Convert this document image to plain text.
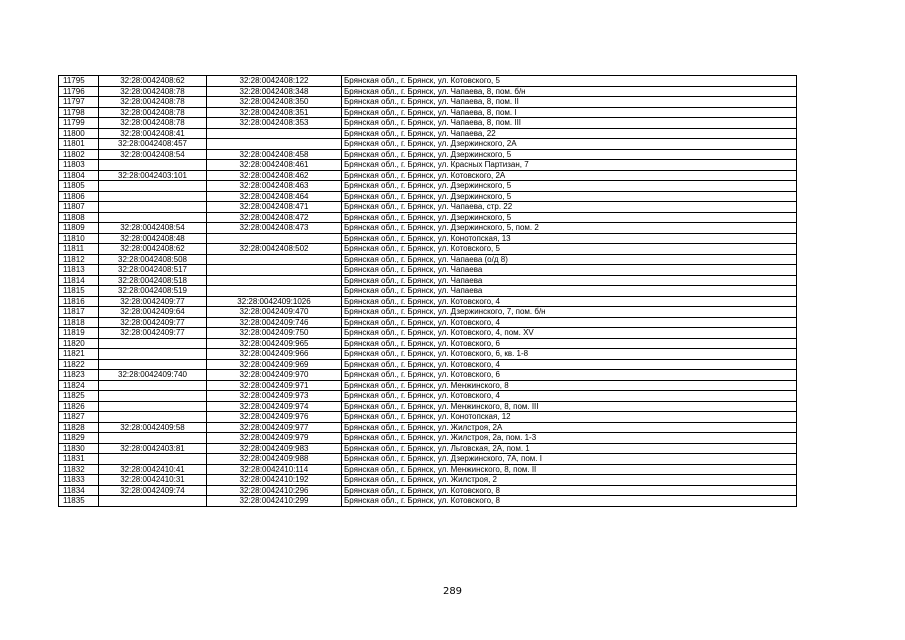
11795	32:28:0042408:62	32:28:0042408:122	Брянская обл., г. Брянск, ул. Котовского, 5
11796	32:28:0042408:78	32:28:0042408:348	Брянская обл., г. Брянск, ул. Чапаева, 8, пом. б/н
11797	32:28:0042408:78	32:28:0042408:350	Брянская обл., г. Брянск, ул. Чапаева, 8, пом. II
11798	32:28:0042408:78	32:28:0042408:351	Брянская обл., г. Брянск, ул. Чапаева, 8, пом. I
11799	32:28:0042408:78	32:28:0042408:353	Брянская обл., г. Брянск, ул. Чапаева, 8, пом. III
11800	32:28:0042408:41		Брянская обл., г. Брянск, ул. Чапаева, 22
11801	32:28:0042408:457		Брянская обл., г. Брянск, ул. Дзержинского, 2А
11802	32:28:0042408:54	32:28:0042408:458	Брянская обл., г. Брянск, ул. Дзержинского, 5
11803		32:28:0042408:461	Брянская обл., г. Брянск, ул. Красных Партизан, 7
11804	32:28:0042403:101	32:28:0042408:462	Брянская обл., г. Брянск, ул. Котовского, 2А
11805		32:28:0042408:463	Брянская обл., г. Брянск, ул. Дзержинского, 5
11806		32:28:0042408:464	Брянская обл., г. Брянск, ул. Дзержинского, 5
11807		32:28:0042408:471	Брянская обл., г. Брянск, ул. Чапаева, стр. 22
11808		32:28:0042408:472	Брянская обл., г. Брянск, ул. Дзержинского, 5
11809	32:28:0042408:54	32:28:0042408:473	Брянская обл., г. Брянск, ул. Дзержинского, 5, пом. 2
11810	32:28:0042408:48		Брянская обл., г. Брянск, ул. Конотопская, 13
11811	32:28:0042408:62	32:28:0042408:502	Брянская обл., г. Брянск, ул. Котовского, 5
11812	32:28:0042408:508		Брянская обл., г. Брянск, ул. Чапаева (о/д 8)
11813	32:28:0042408:517		Брянская обл., г. Брянск, ул. Чапаева
11814	32:28:0042408:518		Брянская обл., г. Брянск, ул. Чапаева
11815	32:28:0042408:519		Брянская обл., г. Брянск, ул. Чапаева
11816	32:28:0042409:77	32:28:0042409:1026	Брянская обл., г. Брянск, ул. Котовского, 4
11817	32:28:0042409:64	32:28:0042409:470	Брянская обл., г. Брянск, ул. Дзержинского, 7, пом. б/н
11818	32:28:0042409:77	32:28:0042409:746	Брянская обл., г. Брянск, ул. Котовского, 4
11819	32:28:0042409:77	32:28:0042409:750	Брянская обл., г. Брянск, ул. Котовского, 4, пом. XV
11820		32:28:0042409:965	Брянская обл., г. Брянск, ул. Котовского, 6
11821		32:28:0042409:966	Брянская обл., г. Брянск, ул. Котовского, 6, кв. 1-8
11822		32:28:0042409:969	Брянская обл., г. Брянск, ул. Котовского, 4
11823	32:28:0042409:740	32:28:0042409:970	Брянская обл., г. Брянск, ул. Котовского, 6
11824		32:28:0042409:971	Брянская обл., г. Брянск, ул. Менжинского, 8
11825		32:28:0042409:973	Брянская обл., г. Брянск, ул. Котовского, 4
11826		32:28:0042409:974	Брянская обл., г. Брянск, ул. Менжинского, 8, пом. III
11827		32:28:0042409:976	Брянская обл., г. Брянск, ул. Конотопская, 12
11828	32:28:0042409:58	32:28:0042409:977	Брянская обл., г. Брянск, ул. Жилстроя, 2А
11829		32:28:0042409:979	Брянская обл., г. Брянск, ул. Жилстроя, 2а, пом. 1-3
11830	32:28:0042403:81	32:28:0042409:983	Брянская обл., г. Брянск, ул. Льговская, 2А, пом. 1
11831		32:28:0042409:988	Брянская обл., г. Брянск, ул. Дзержинского, 7А, пом. I
11832	32:28:0042410:41	32:28:0042410:114	Брянская обл., г. Брянск, ул. Менжинского, 8, пом. II
11833	32:28:0042410:31	32:28:0042410:192	Брянская обл., г. Брянск, ул. Жилстроя, 2
11834	32:28:0042409:74	32:28:0042410:296	Брянская обл., г. Брянск, ул. Котовского, 8
11835		32:28:0042410:299	Брянская обл., г. Брянск, ул. Котовского, 8
289
